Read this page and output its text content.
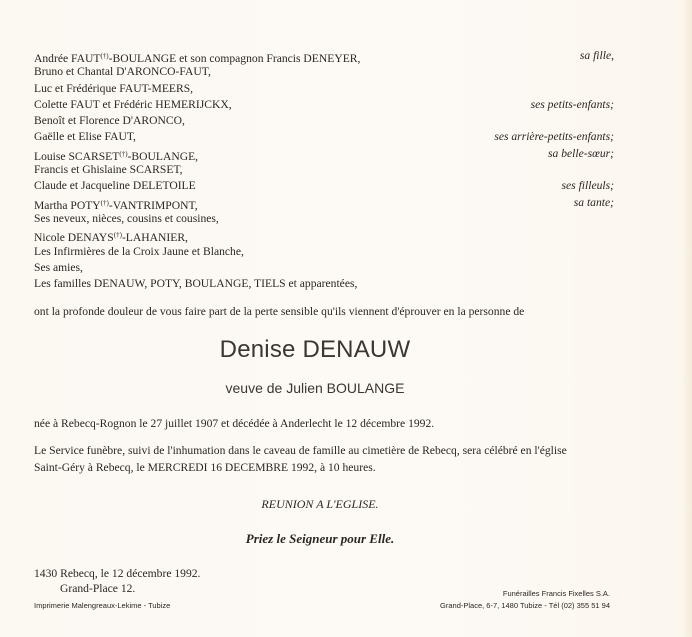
Andrée FAUT(†)-BOULANGE et son compagnon Francis DENEYER,	sa fille,
Bruno et Chantal D'ARONCO-FAUT,
Luc et Frédérique FAUT-MEERS,
Colette FAUT et Frédéric HEMERIJCKX,	ses petits-enfants;
Benoît et Florence D'ARONCO,
Gaëlle et Elise FAUT,	ses arrière-petits-enfants;
Louise SCARSET(†)-BOULANGE,	sa belle-sœur;
Francis et Ghislaine SCARSET,
Claude et Jacqueline DELETOILE	ses filleuls;
Martha POTY(†)-VANTRIMPONT,	sa tante;
Ses neveux, nièces, cousins et cousines,
Nicole DENAYS(†)-LAHANIER,
Les Infirmières de la Croix Jaune et Blanche,
Ses amies,
Les familles DENAUW, POTY, BOULANGE, TIELS et apparentées,
ont la profonde douleur de vous faire part de la perte sensible qu'ils viennent d'éprouver en la personne de
Denise DENAUW
veuve de Julien BOULANGE
née à Rebecq-Rognon le 27 juillet 1907 et décédée à Anderlecht le 12 décembre 1992.
Le Service funèbre, suivi de l'inhumation dans le caveau de famille au cimetière de Rebecq, sera célébré en l'église
Saint-Géry à Rebecq, le MERCREDI 16 DECEMBRE 1992, à 10 heures.
REUNION A L'EGLISE.
Priez le Seigneur pour Elle.
1430 Rebecq, le 12 décembre 1992.
Grand-Place 12.
Imprimerie Malengreaux-Lekime - Tubize
Funérailles Francis Fixelles S.A.
Grand-Place, 6-7, 1480 Tubize - Tél (02) 355 51 94
